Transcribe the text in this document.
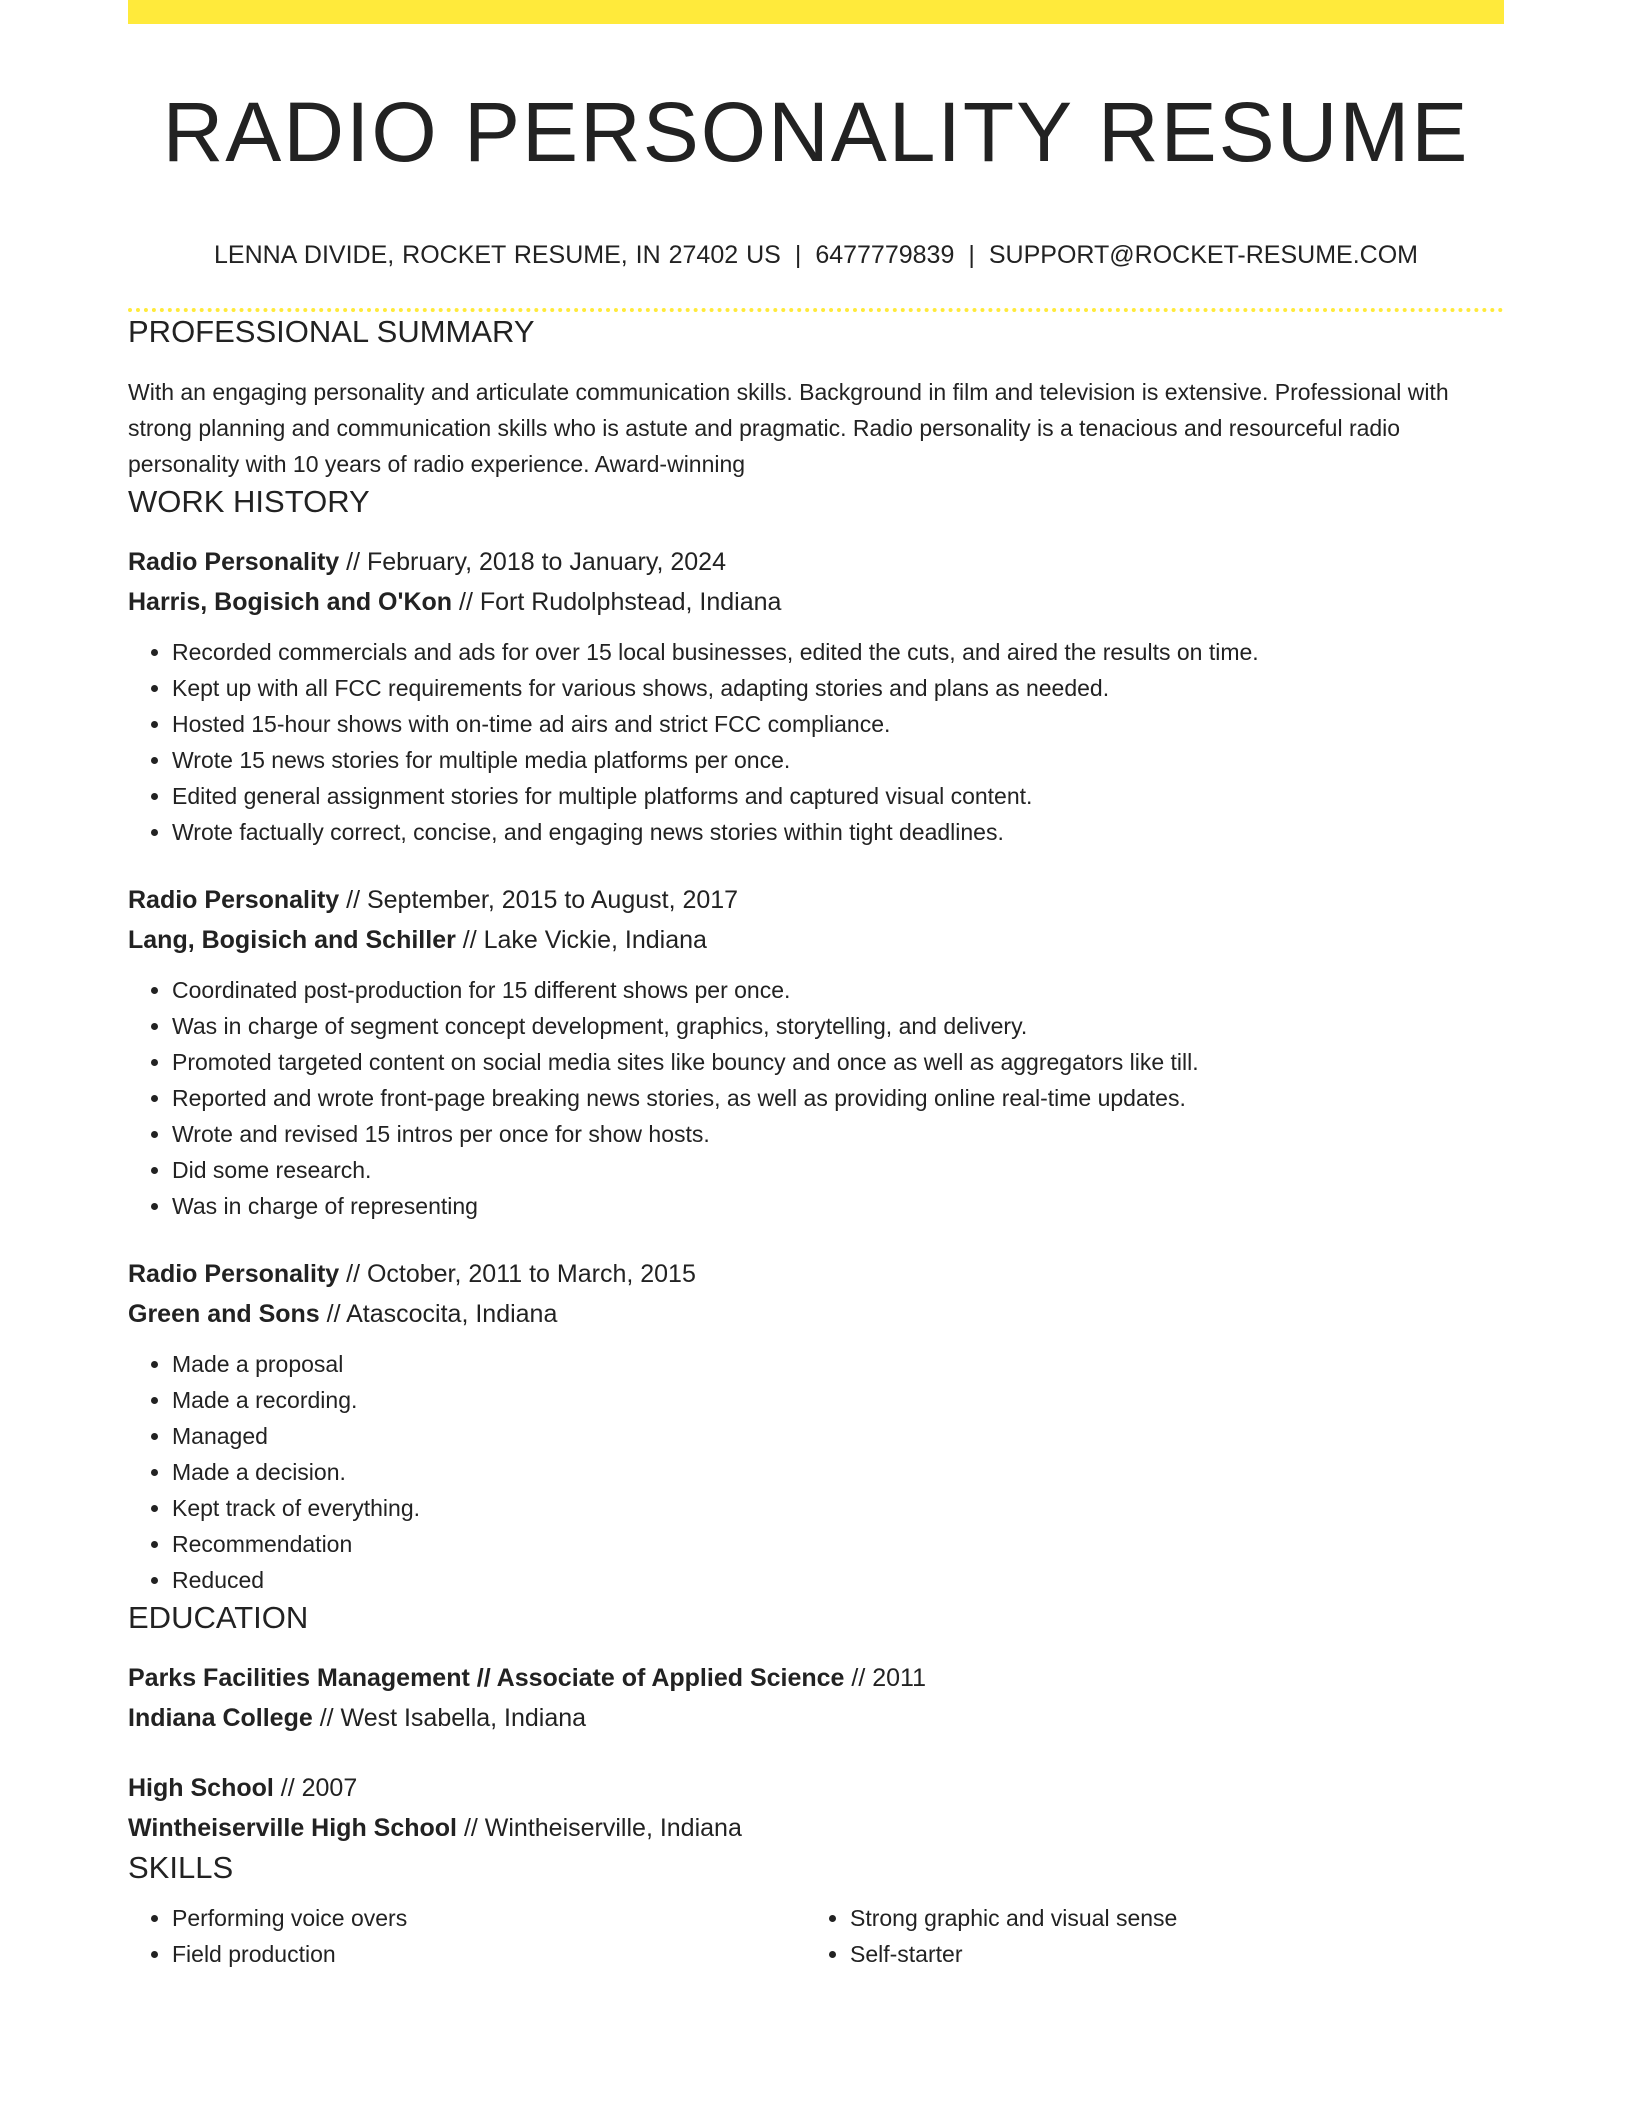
RADIO PERSONALITY RESUME
LENNA DIVIDE, ROCKET RESUME, IN 27402 US | 6477779839 | SUPPORT@ROCKET-RESUME.COM
PROFESSIONAL SUMMARY
With an engaging personality and articulate communication skills. Background in film and television is extensive. Professional with strong planning and communication skills who is astute and pragmatic. Radio personality is a tenacious and resourceful radio personality with 10 years of radio experience. Award-winning
WORK HISTORY
Radio Personality // February, 2018 to January, 2024
Harris, Bogisich and O'Kon // Fort Rudolphstead, Indiana
• Recorded commercials and ads for over 15 local businesses, edited the cuts, and aired the results on time.
• Kept up with all FCC requirements for various shows, adapting stories and plans as needed.
• Hosted 15-hour shows with on-time ad airs and strict FCC compliance.
• Wrote 15 news stories for multiple media platforms per once.
• Edited general assignment stories for multiple platforms and captured visual content.
• Wrote factually correct, concise, and engaging news stories within tight deadlines.
Radio Personality // September, 2015 to August, 2017
Lang, Bogisich and Schiller // Lake Vickie, Indiana
• Coordinated post-production for 15 different shows per once.
• Was in charge of segment concept development, graphics, storytelling, and delivery.
• Promoted targeted content on social media sites like bouncy and once as well as aggregators like till.
• Reported and wrote front-page breaking news stories, as well as providing online real-time updates.
• Wrote and revised 15 intros per once for show hosts.
• Did some research.
• Was in charge of representing
Radio Personality // October, 2011 to March, 2015
Green and Sons // Atascocita, Indiana
• Made a proposal
• Made a recording.
• Managed
• Made a decision.
• Kept track of everything.
• Recommendation
• Reduced
EDUCATION
Parks Facilities Management // Associate of Applied Science // 2011
Indiana College // West Isabella, Indiana
High School // 2007
Wintheiserville High School // Wintheiserville, Indiana
SKILLS
• Performing voice overs
• Field production
• Strong graphic and visual sense
• Self-starter
